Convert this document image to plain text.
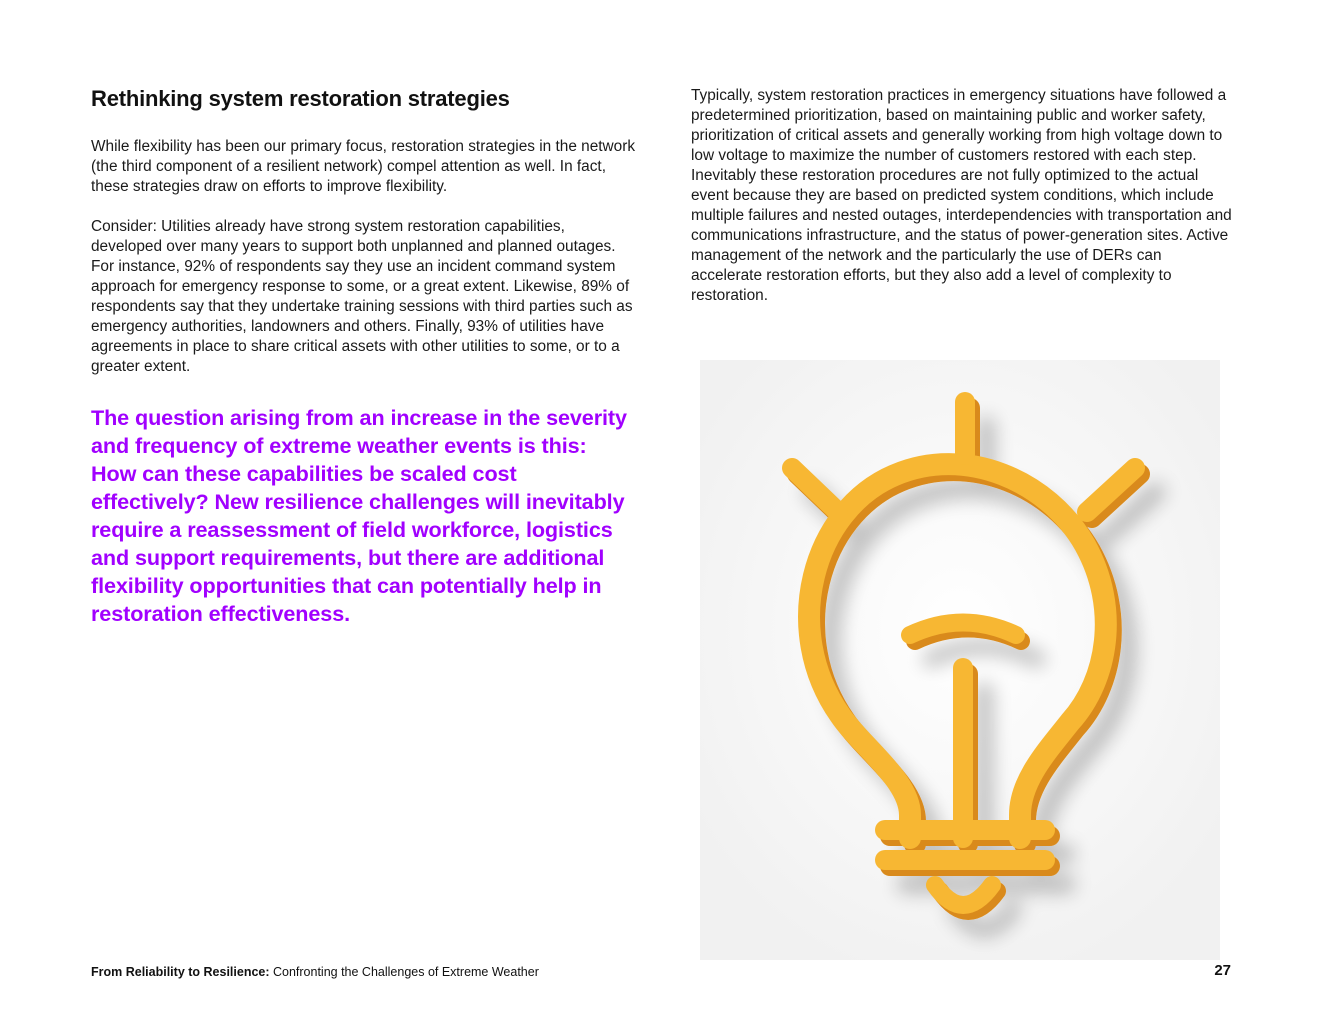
Rethinking system restoration strategies

While flexibility has been our primary focus, restoration strategies in the network (the third component of a resilient network) compel attention as well. In fact, these strategies draw on efforts to improve flexibility.

Consider: Utilities already have strong system restoration capabilities, developed over many years to support both unplanned and planned outages. For instance, 92% of respondents say they use an incident command system approach for emergency response to some, or a great extent. Likewise, 89% of respondents say that they undertake training sessions with third parties such as emergency authorities, landowners and others. Finally, 93% of utilities have agreements in place to share critical assets with other utilities to some, or to a greater extent.

The question arising from an increase in the severity and frequency of extreme weather events is this: How can these capabilities be scaled cost effectively? New resilience challenges will inevitably require a reassessment of field workforce, logistics and support requirements, but there are additional flexibility opportunities that can potentially help in restoration effectiveness.

Typically, system restoration practices in emergency situations have followed a predetermined prioritization, based on maintaining public and worker safety, prioritization of critical assets and generally working from high voltage down to low voltage to maximize the number of customers restored with each step. Inevitably these restoration procedures are not fully optimized to the actual event because they are based on predicted system conditions, which include multiple failures and nested outages, interdependencies with transportation and communications infrastructure, and the status of power-generation sites. Active management of the network and the particularly the use of DERs can accelerate restoration efforts, but they also add a level of complexity to restoration.

From Reliability to Resilience: Confronting the Challenges of Extreme Weather	27
